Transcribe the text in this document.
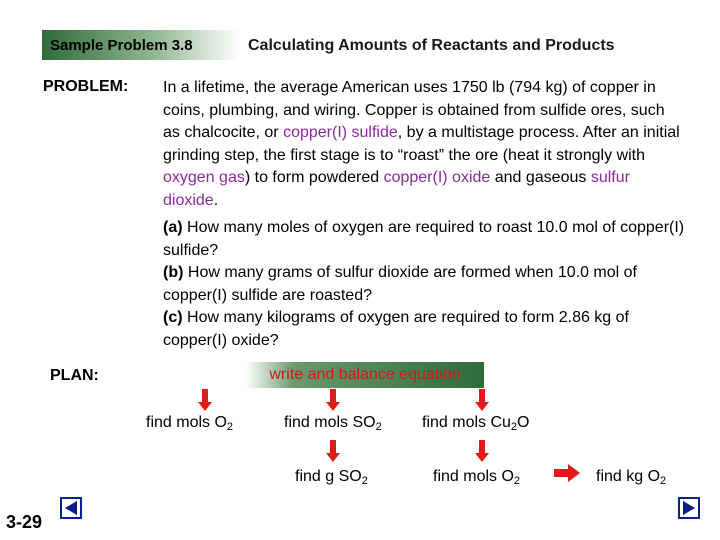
Sample Problem 3.8	Calculating Amounts of Reactants and Products
PROBLEM: In a lifetime, the average American uses 1750 lb (794 kg) of copper in coins, plumbing, and wiring. Copper is obtained from sulfide ores, such as chalcocite, or copper(I) sulfide, by a multistage process. After an initial grinding step, the first stage is to “roast” the ore (heat it strongly with oxygen gas) to form powdered copper(I) oxide and gaseous sulfur dioxide.

(a) How many moles of oxygen are required to roast 10.0 mol of copper(I) sulfide?

(b) How many grams of sulfur dioxide are formed when 10.0 mol of copper(I) sulfide are roasted?

(c) How many kilograms of oxygen are required to form 2.86 kg of copper(I) oxide?

PLAN:	write and balance equation
find mols $O_2$	find mols $SO_2$	find mols $Cu_2O$
find g $SO_2$	find mols $O_2$	find kg $O_2$
3-29
